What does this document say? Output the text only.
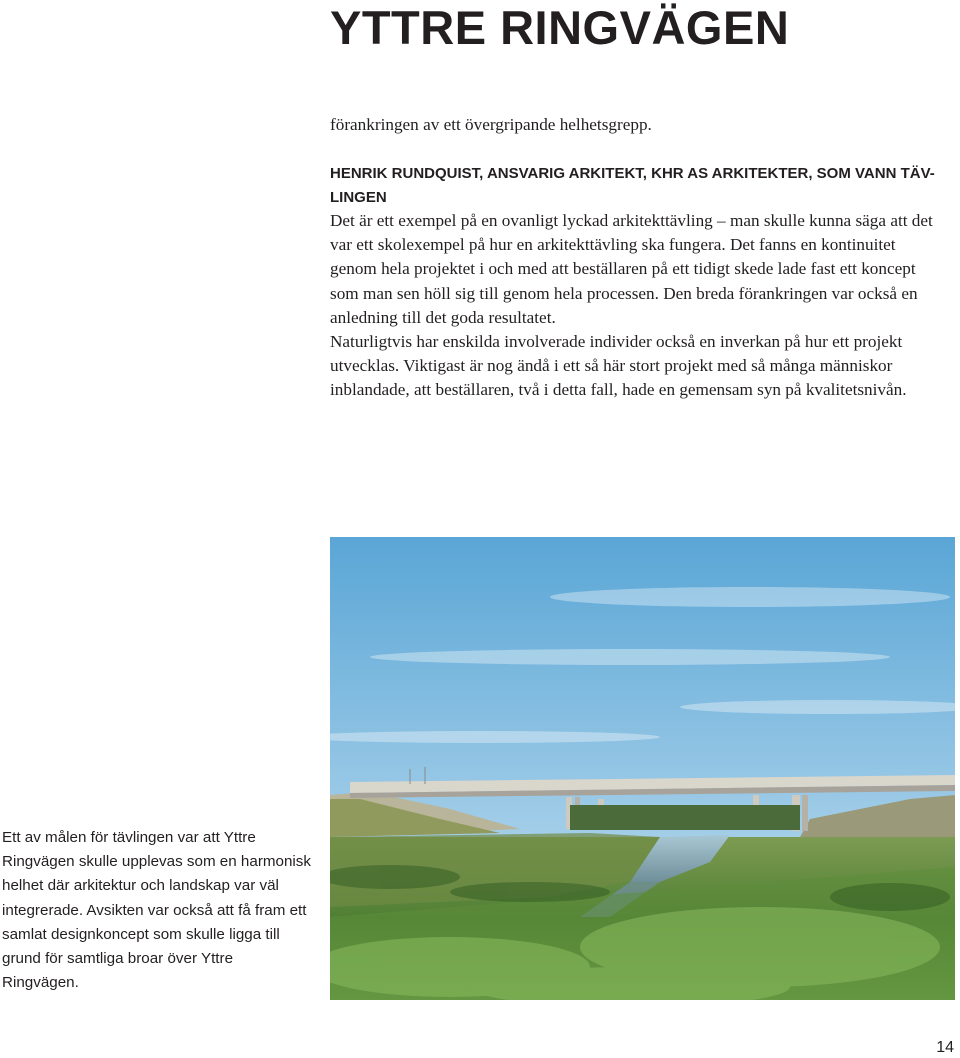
YTTRE RINGVÄGEN

förankringen av ett övergripande helhetsgrepp.

HENRIK RUNDQUIST, ANSVARIG ARKITEKT, KHR AS ARKITEKTER, SOM VANN TÄV-
LINGEN

Det är ett exempel på en ovanligt lyckad arkitekttävling – man skulle kunna säga att det var ett skolexempel på hur en arkitekttävling ska fungera. Det fanns en kontinuitet genom hela projektet i och med att beställaren på ett tidigt skede lade fast ett koncept som man sen höll sig till genom hela processen. Den breda förankringen var också en anledning till det goda resultatet.

Naturligtvis har enskilda involverade individer också en inverkan på hur ett projekt utvecklas. Viktigast är nog ändå i ett så här stort projekt med så många människor inblandade, att beställaren, två i detta fall, hade en gemensam syn på kvalitetsnivån.

Ett av målen för tävlingen var att Yttre Ringvägen skulle upplevas som en harmonisk helhet där arkitektur och landskap var väl integrerade. Avsikten var också att få fram ett samlat designkoncept som skulle ligga till grund för samtliga broar över Yttre Ringvägen.

14
